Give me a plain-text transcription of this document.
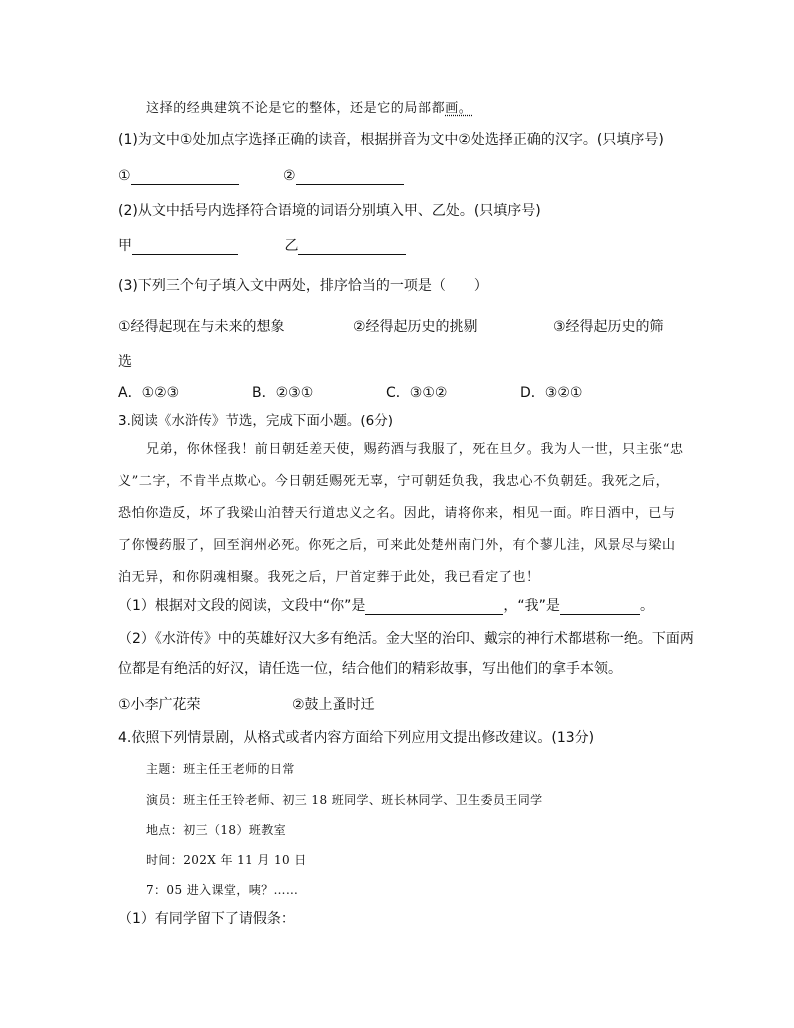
这择的经典建筑不论是它的整体，还是它的局部都画。
(1)为文中①处加点字选择正确的读音，根据拼音为文中②处选择正确的汉字。(只填序号)
①	②
(2)从文中括号内选择符合语境的词语分别填入甲、乙处。(只填序号)
甲	乙
(3)下列三个句子填入文中两处，排序恰当的一项是（　　）
①经得起现在与未来的想象	②经得起历史的挑剔	③经得起历史的筛
选
A．①②③	B．②③①	C．③①②	D．③②①
3.阅读《水浒传》节选，完成下面小题。(6分)
兄弟，你休怪我！前日朝廷差天使，赐药酒与我服了，死在旦夕。我为人一世，只主张“忠
义”二字，不肯半点欺心。今日朝廷赐死无辜，宁可朝廷负我，我忠心不负朝廷。我死之后，
恐怕你造反，坏了我梁山泊替天行道忠义之名。因此，请将你来，相见一面。昨日酒中，已与
了你慢药服了，回至润州必死。你死之后，可来此处楚州南门外，有个蓼儿洼，风景尽与梁山
泊无异，和你阴魂相聚。我死之后，尸首定葬于此处，我已看定了也！
（1）根据对文段的阅读，文段中“你”是	，“我”是	。
（2）《水浒传》中的英雄好汉大多有绝活。金大坚的治印、戴宗的神行术都堪称一绝。下面两
位都是有绝活的好汉，请任选一位，结合他们的精彩故事，写出他们的拿手本领。
①小李广花荣	②鼓上蚤时迁
4.依照下列情景剧，从格式或者内容方面给下列应用文提出修改建议。(13分)
主题：班主任王老师的日常
演员：班主任王铃老师、初三 18 班同学、班长林同学、卫生委员王同学
地点：初三（18）班教室
时间：202X 年 11 月 10 日
7：05 进入课堂，咦？……
（1）有同学留下了请假条：
